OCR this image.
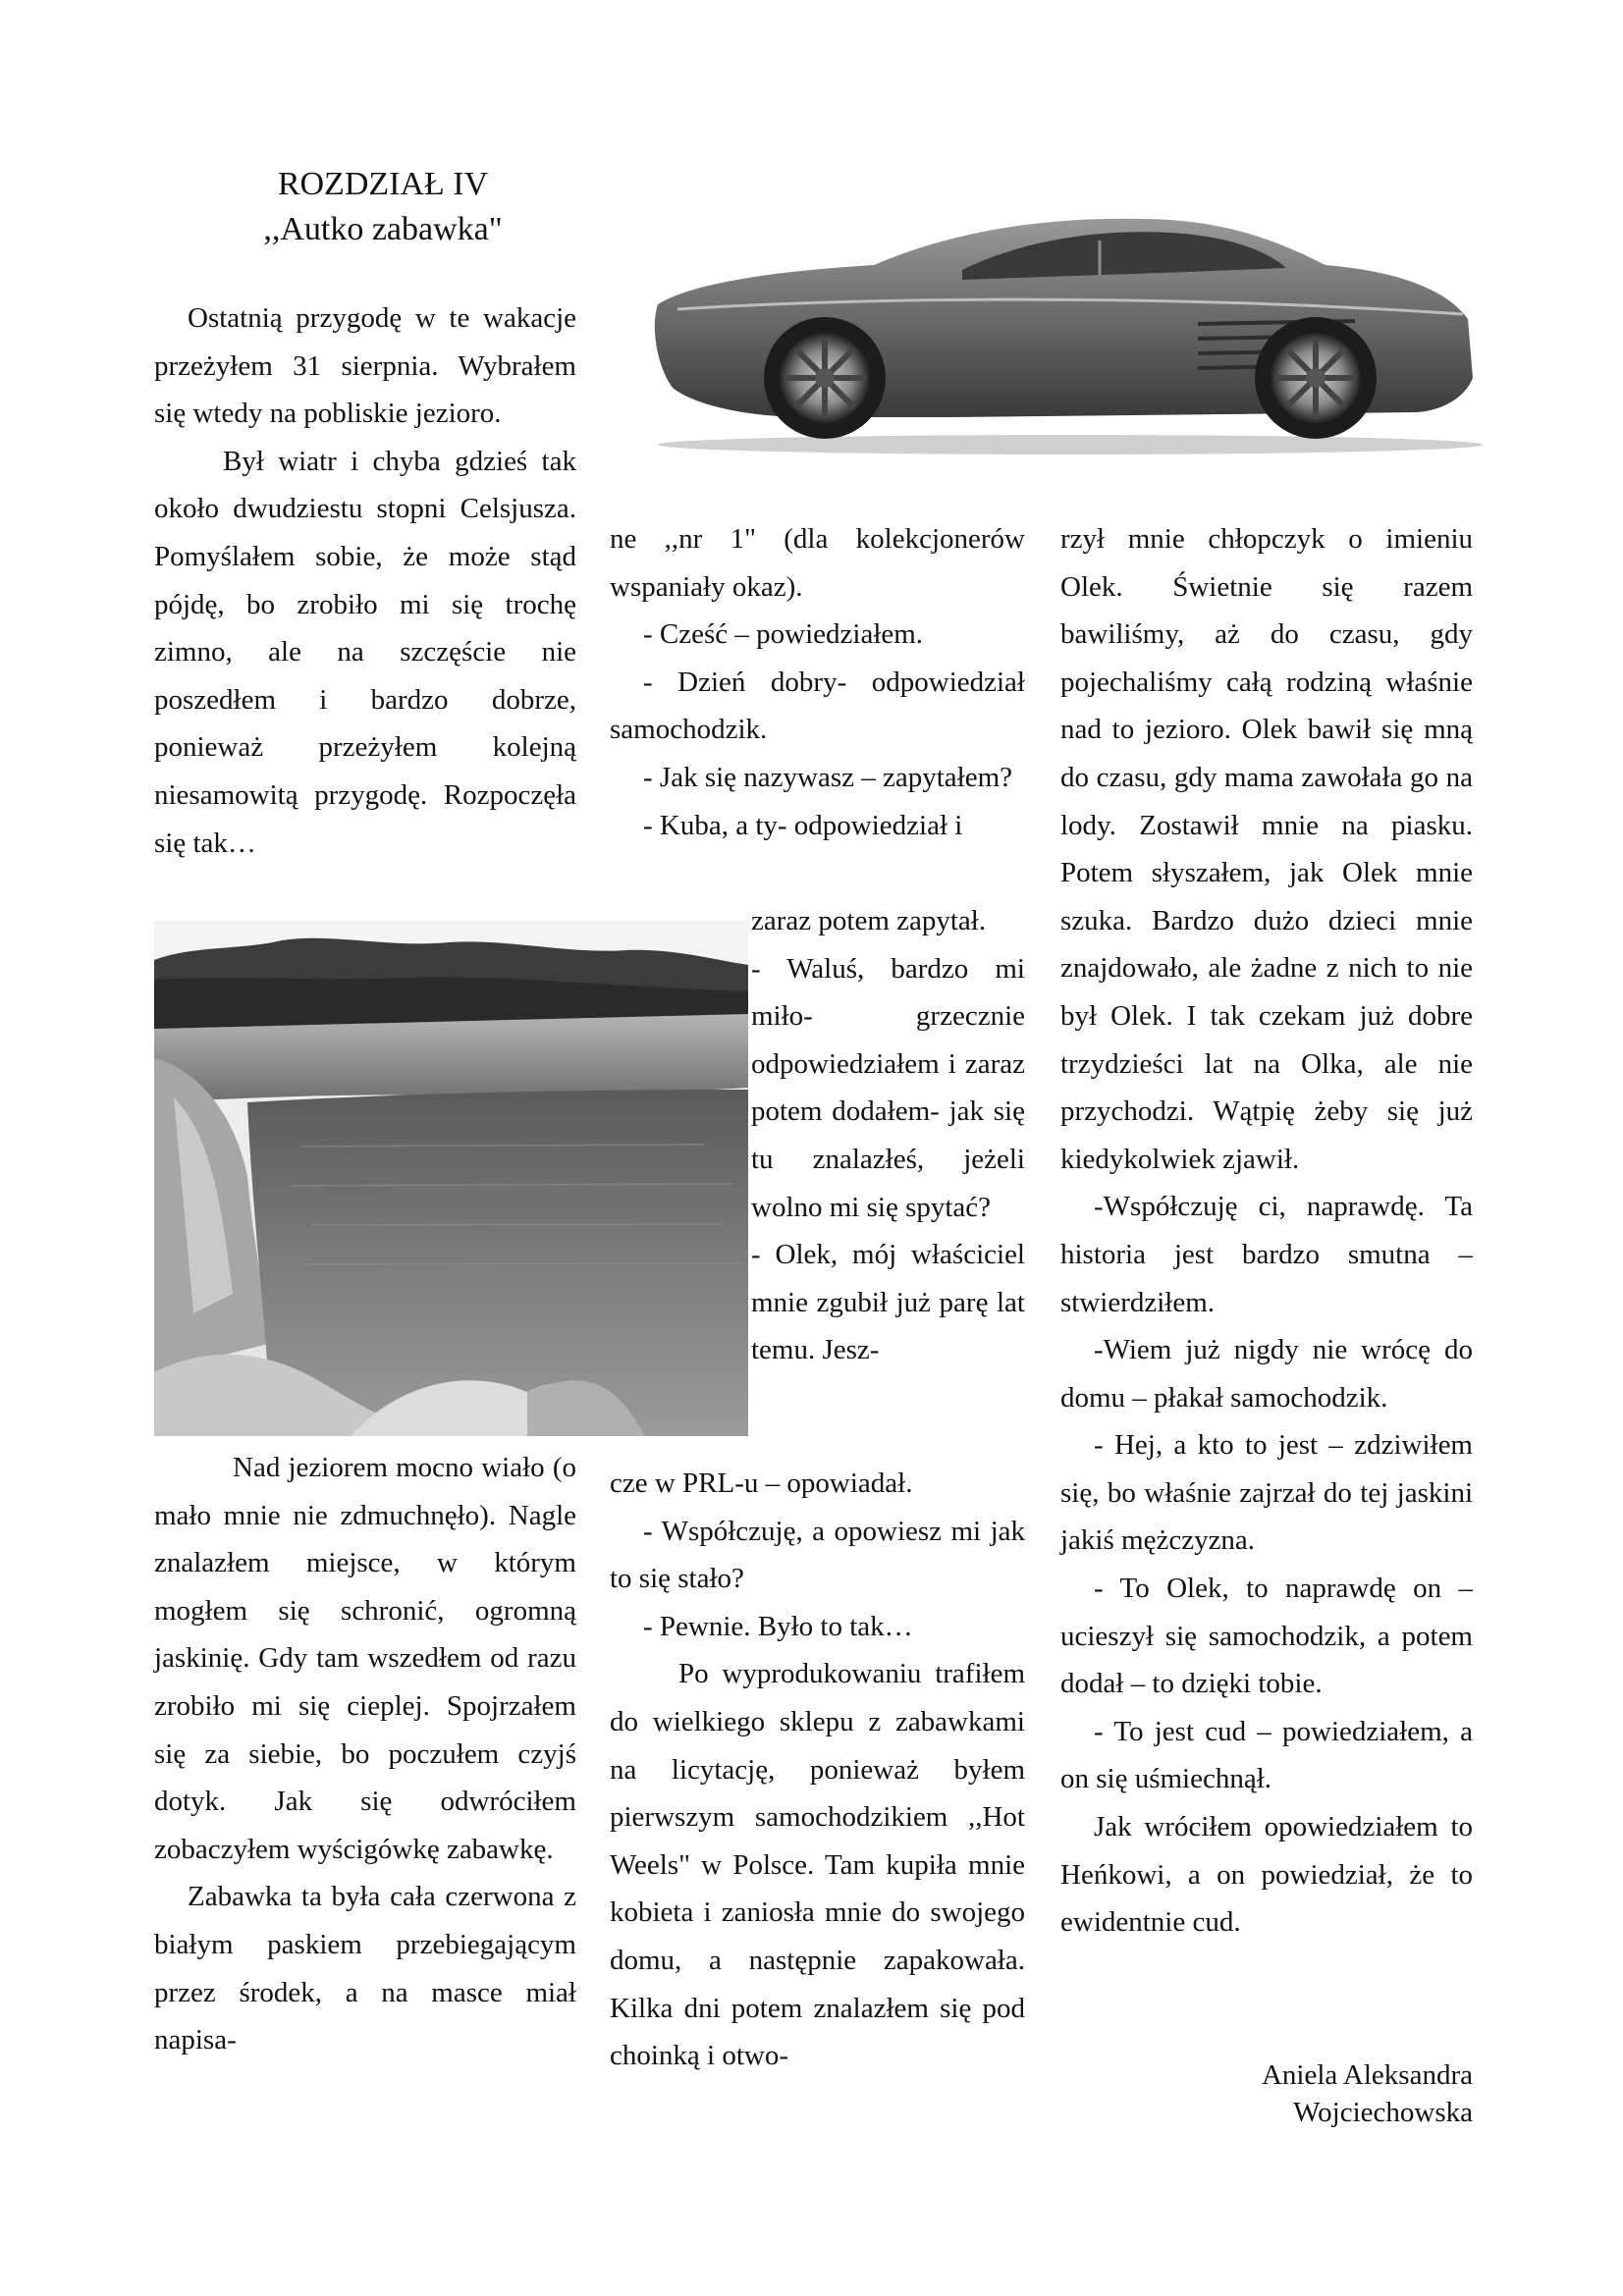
ROZDZIAŁ IV
,,Autko zabawka"

Ostatnią przygodę w te wakacje przeżyłem 31 sierpnia. Wybrałem się wtedy na pobliskie jezioro.

Był wiatr i chyba gdzieś tak około dwudziestu stopni Celsjusza. Pomyślałem sobie, że może stąd pójdę, bo zrobiło mi się trochę zimno, ale na szczęście nie poszedłem i bardzo dobrze, ponieważ przeżyłem kolejną niesamowitą przygodę. Rozpoczęła się tak…

Nad jeziorem mocno wiało (o mało mnie nie zdmuchnęło). Nagle znalazłem miejsce, w którym mogłem się schronić, ogromną jaskinię. Gdy tam wszedłem od razu zrobiło mi się cieplej. Spojrzałem się za siebie, bo poczułem czyjś dotyk. Jak się odwróciłem zobaczyłem wyścigówkę zabawkę.

Zabawka ta była cała czerwona z białym paskiem przebiegającym przez środek, a na masce miał napisa-

ne ,,nr 1" (dla kolekcjonerów wspaniały okaz).

- Cześć – powiedziałem.

- Dzień dobry- odpowiedział samochodzik.

- Jak się nazywasz – zapytałem?

- Kuba, a ty- odpowiedział i

zaraz potem zapytał.

- Waluś, bardzo mi miło- grzecznie odpowiedziałem i zaraz potem dodałem- jak się tu znalazłeś, jeżeli wolno mi się spytać?

- Olek, mój właściciel mnie zgubił już parę lat temu. Jesz-

cze w PRL-u – opowiadał.

- Współczuję, a opowiesz mi jak to się stało?

- Pewnie. Było to tak…

Po wyprodukowaniu trafiłem do wielkiego sklepu z zabawkami na licytację, ponieważ byłem pierwszym samochodzikiem ,,Hot Weels" w Polsce. Tam kupiła mnie kobieta i zaniosła mnie do swojego domu, a następnie zapakowała. Kilka dni potem znalazłem się pod choinką i otwo-

rzył mnie chłopczyk o imieniu Olek. Świetnie się razem bawiliśmy, aż do czasu, gdy pojechaliśmy całą rodziną właśnie nad to jezioro. Olek bawił się mną do czasu, gdy mama zawołała go na lody. Zostawił mnie na piasku. Potem słyszałem, jak Olek mnie szuka. Bardzo dużo dzieci mnie znajdowało, ale żadne z nich to nie był Olek. I tak czekam już dobre trzydzieści lat na Olka, ale nie przychodzi. Wątpię żeby się już kiedykolwiek zjawił.

-Współczuję ci, naprawdę. Ta historia jest bardzo smutna – stwierdziłem.

-Wiem już nigdy nie wrócę do domu – płakał samochodzik.

- Hej, a kto to jest – zdziwiłem się, bo właśnie zajrzał do tej jaskini jakiś mężczyzna.

- To Olek, to naprawdę on – ucieszył się samochodzik, a potem dodał – to dzięki tobie.

- To jest cud – powiedziałem, a on się uśmiechnął.

Jak wróciłem opowiedziałem to Heńkowi, a on powiedział, że to ewidentnie cud.

Aniela Aleksandra
Wojciechowska
